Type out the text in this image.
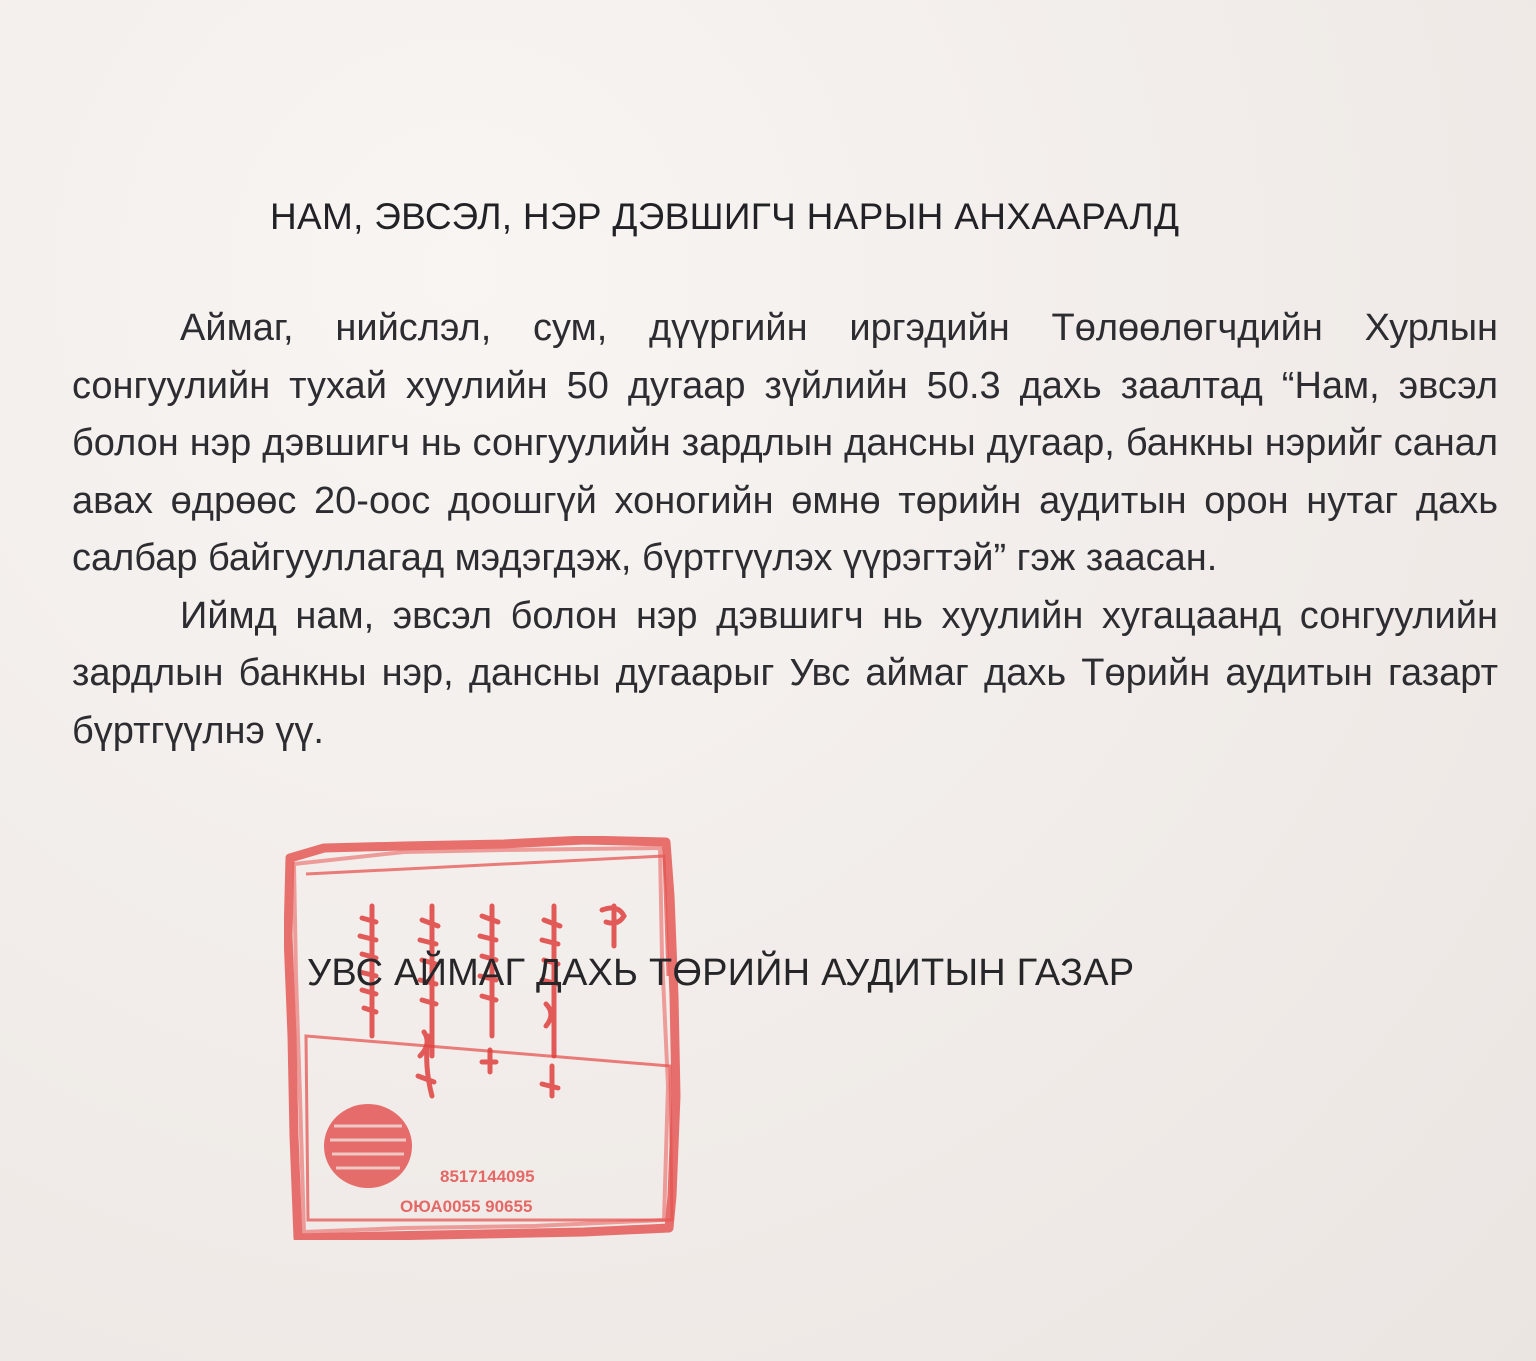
НАМ, ЭВСЭЛ, НЭР ДЭВШИГЧ НАРЫН АНХААРАЛД

Аймаг, нийслэл, сум, дүүргийн иргэдийн Төлөөлөгчдийн Хурлын сонгуулийн тухай хуулийн 50 дугаар зүйлийн 50.3 дахь заалтад “Нам, эвсэл болон нэр дэвшигч нь сонгуулийн зардлын дансны дугаар, банкны нэрийг санал авах өдрөөс 20-оос доошгүй хоногийн өмнө төрийн аудитын орон нутаг дахь салбар байгууллагад мэдэгдэж, бүртгүүлэх үүрэгтэй” гэж заасан.

Иймд нам, эвсэл болон нэр дэвшигч нь хуулийн хугацаанд сонгуулийн зардлын банкны нэр, дансны дугаарыг Увс аймаг дахь Төрийн аудитын газарт бүртгүүлнэ үү.

8517144095
ОЮА0055 90655
УВС АЙМАГ ДАХЬ ТӨРИЙН АУДИТЫН ГАЗАР
